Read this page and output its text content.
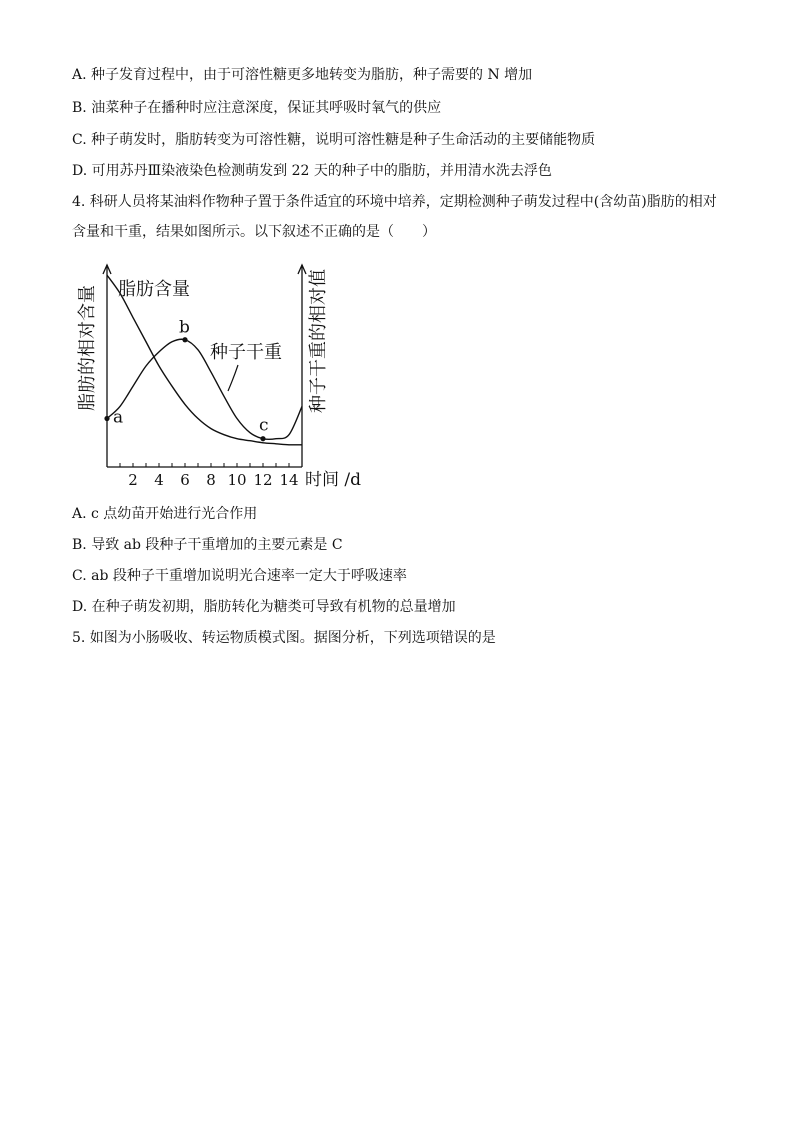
A. 种子发育过程中，由于可溶性糖更多地转变为脂肪，种子需要的 N 增加

B. 油菜种子在播种时应注意深度，保证其呼吸时氧气的供应

C. 种子萌发时，脂肪转变为可溶性糖，说明可溶性糖是种子生命活动的主要储能物质

D. 可用苏丹Ⅲ染液染色检测萌发到 22 天的种子中的脂肪，并用清水洗去浮色

4. 科研人员将某油料作物种子置于条件适宜的环境中培养，定期检测种子萌发过程中(含幼苗)脂肪的相对

含量和干重，结果如图所示。以下叙述不正确的是（　　）

2 4 6 8 10 12 14 时间 /d
脂肪的相对含量	种子干重的相对值
脂肪含量
种子干重
a
b
c

A. c 点幼苗开始进行光合作用

B. 导致 ab 段种子干重增加的主要元素是 C

C. ab 段种子干重增加说明光合速率一定大于呼吸速率

D. 在种子萌发初期，脂肪转化为糖类可导致有机物的总量增加

5. 如图为小肠吸收、转运物质模式图。据图分析，下列选项错误的是
